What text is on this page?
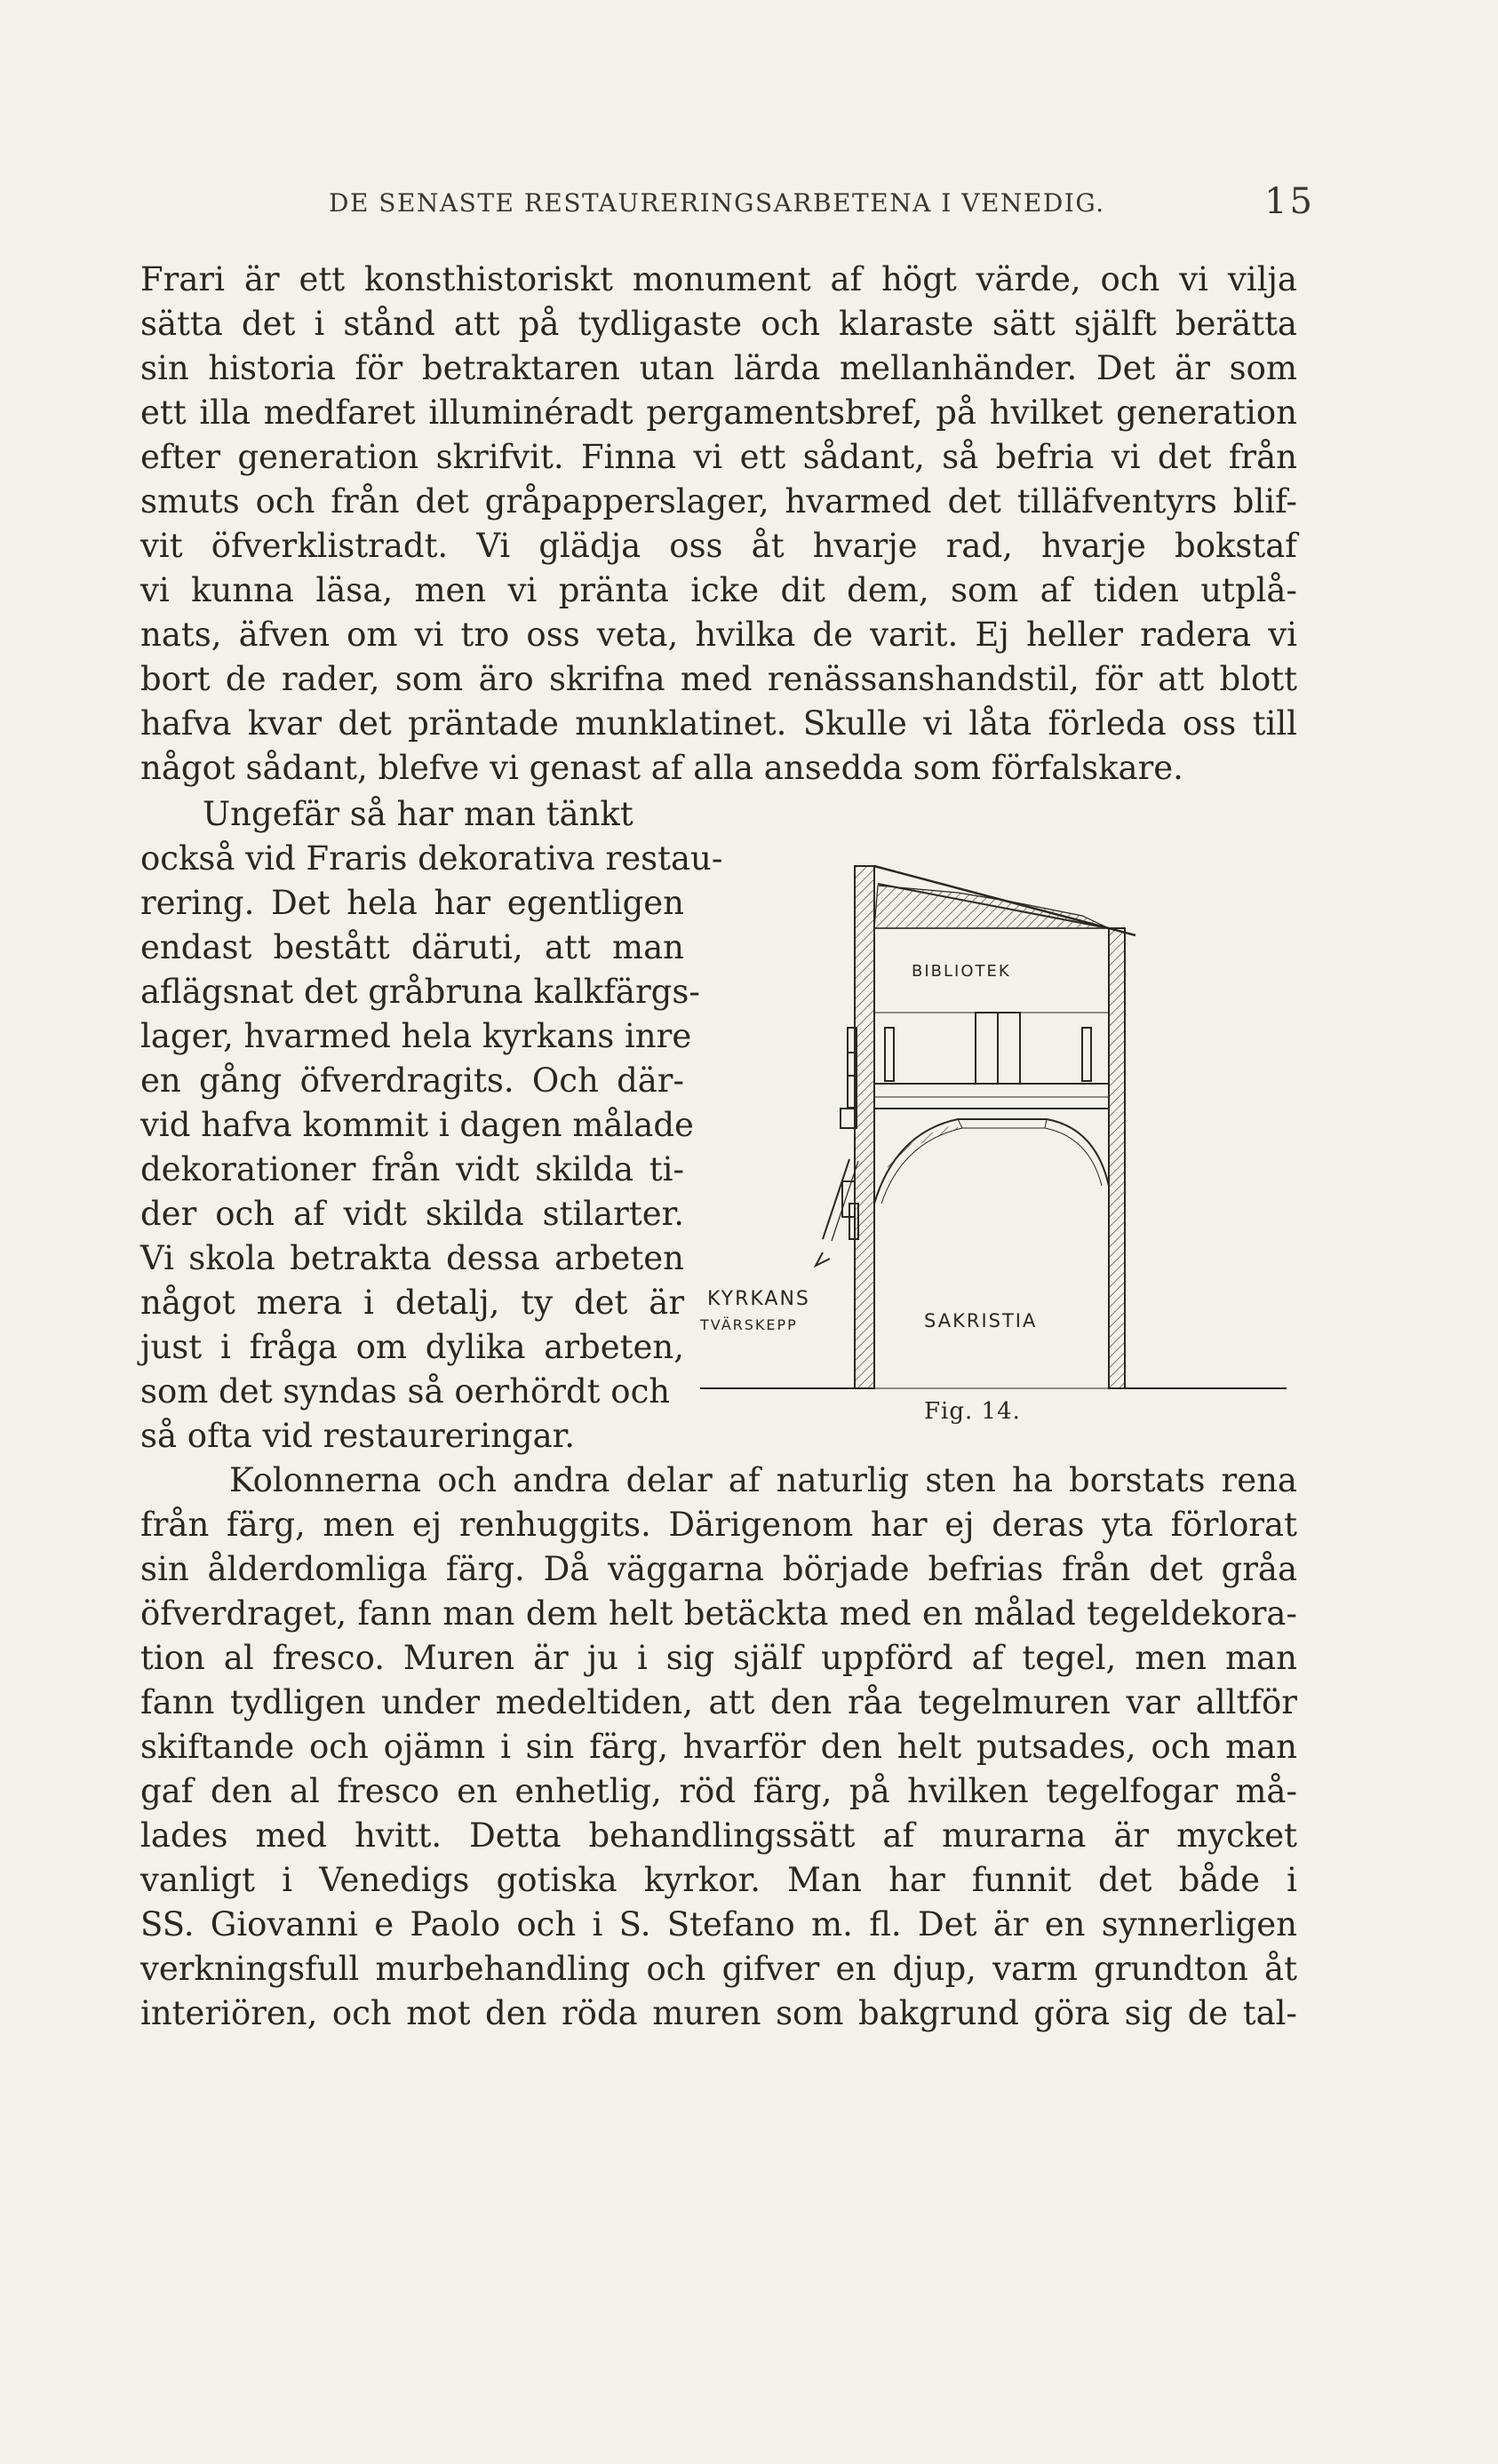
DE SENASTE RESTAURERINGSARBETENA I VENEDIG.	15
Frari är ett konsthistoriskt monument af högt värde, och vi vilja
sätta det i stånd att på tydligaste och klaraste sätt själft berätta
sin historia för betraktaren utan lärda mellanhänder. Det är som
ett illa medfaret illuminéradt pergamentsbref, på hvilket generation
efter generation skrifvit. Finna vi ett sådant, så befria vi det från
smuts och från det gråpapperslager, hvarmed det tilläfventyrs blif-
vit öfverklistradt. Vi glädja oss åt hvarje rad, hvarje bokstaf
vi kunna läsa, men vi pränta icke dit dem, som af tiden utplå-
nats, äfven om vi tro oss veta, hvilka de varit. Ej heller radera vi
bort de rader, som äro skrifna med renässanshandstil, för att blott
hafva kvar det präntade munklatinet. Skulle vi låta förleda oss till
något sådant, blefve vi genast af alla ansedda som förfalskare.
Ungefär så har man tänkt
också vid Fraris dekorativa restau-
rering. Det hela har egentligen
endast bestått däruti, att man
aflägsnat det gråbruna kalkfärgs-
lager, hvarmed hela kyrkans inre
en gång öfverdragits. Och där-
vid hafva kommit i dagen målade
dekorationer från vidt skilda ti-
der och af vidt skilda stilarter.
Vi skola betrakta dessa arbeten
något mera i detalj, ty det är
just i fråga om dylika arbeten,
som det syndas så oerhördt och
så ofta vid restaureringar.
BIBLIOTEK
SAKRISTIA
KYRKANS
TVÄRSKEPP
Fig. 14.
Kolonnerna och andra delar af naturlig sten ha borstats rena
från färg, men ej renhuggits. Därigenom har ej deras yta förlorat
sin ålderdomliga färg. Då väggarna började befrias från det gråa
öfverdraget, fann man dem helt betäckta med en målad tegeldekora-
tion al fresco. Muren är ju i sig själf uppförd af tegel, men man
fann tydligen under medeltiden, att den råa tegelmuren var alltför
skiftande och ojämn i sin färg, hvarför den helt putsades, och man
gaf den al fresco en enhetlig, röd färg, på hvilken tegelfogar må-
lades med hvitt. Detta behandlingssätt af murarna är mycket
vanligt i Venedigs gotiska kyrkor. Man har funnit det både i
SS. Giovanni e Paolo och i S. Stefano m. fl. Det är en synnerligen
verkningsfull murbehandling och gifver en djup, varm grundton åt
interiören, och mot den röda muren som bakgrund göra sig de tal-
